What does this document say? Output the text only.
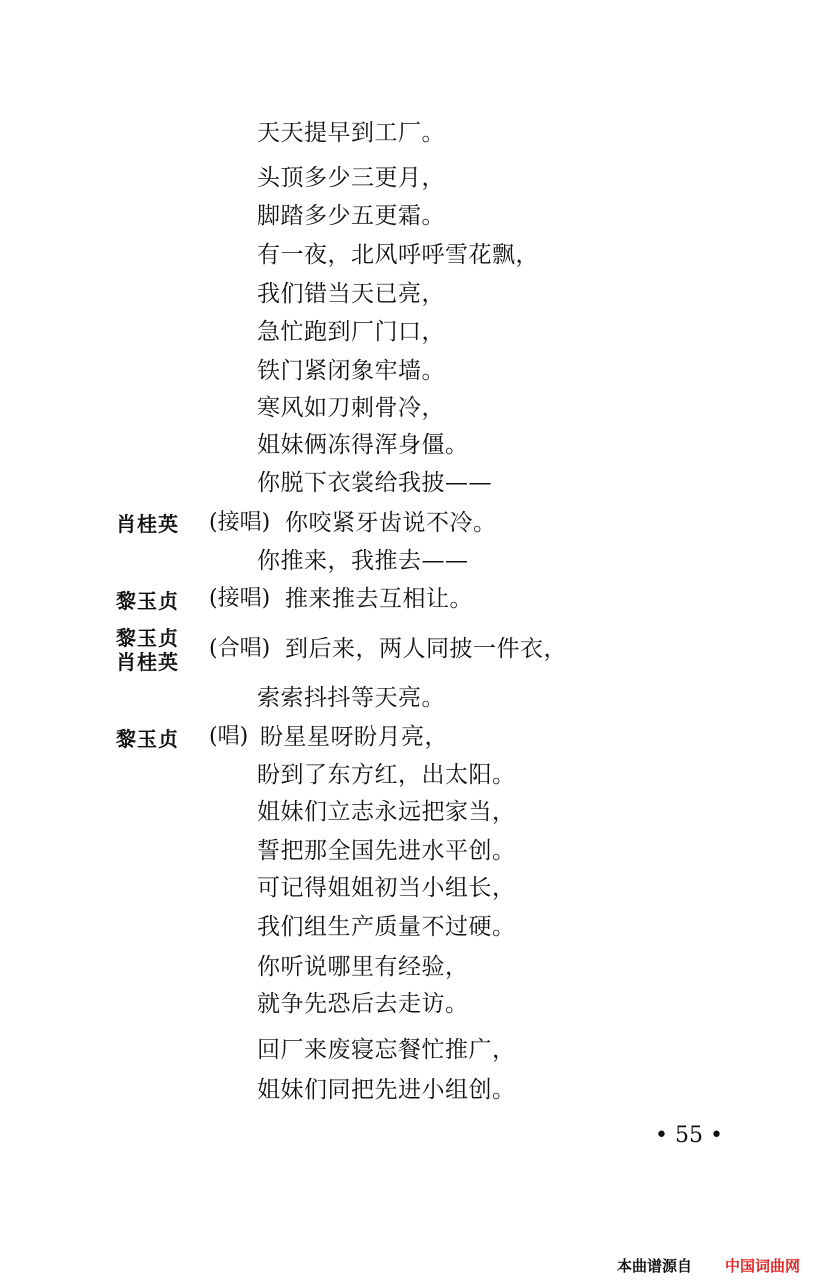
天天提早到工厂。
头顶多少三更月，
脚踏多少五更霜。
有一夜，北风呼呼雪花飘，
我们错当天已亮，
急忙跑到厂门口，
铁门紧闭象牢墙。
寒风如刀刺骨冷，
姐妹俩冻得浑身僵。
你脱下衣裳给我披——
肖桂英 (接唱) 你咬紧牙齿说不冷。
你推来，我推去——
黎玉贞 (接唱) 推来推去互相让。
黎玉贞
肖桂英
(合唱) 到后来，两人同披一件衣，
索索抖抖等天亮。
黎玉贞 (唱) 盼星星呀盼月亮，
盼到了东方红，出太阳。
姐妹们立志永远把家当，
誓把那全国先进水平创。
可记得姐姐初当小组长，
我们组生产质量不过硬。
你听说哪里有经验，
就争先恐后去走访。
回厂来废寝忘餐忙推广，
姐妹们同把先进小组创。
• 55 •
本曲谱源自 中国词曲网
